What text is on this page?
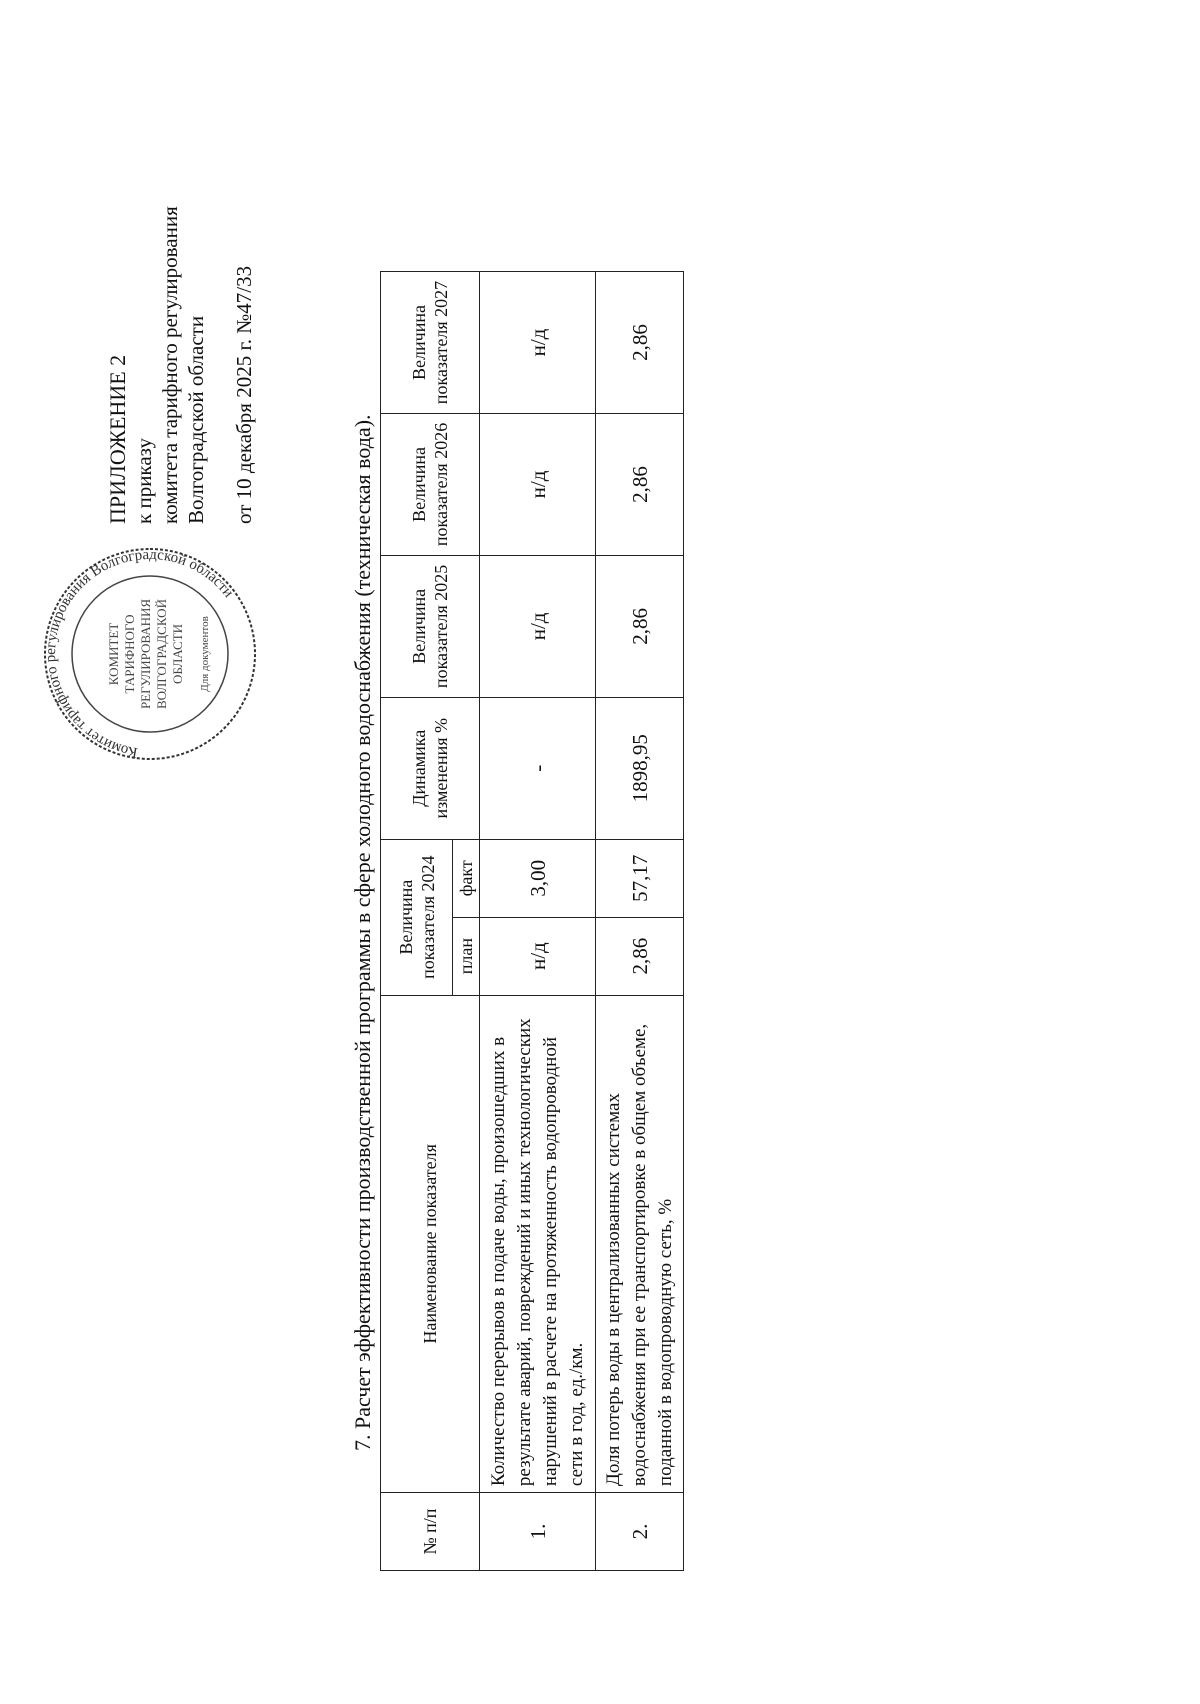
Комитет тарифного регулирования Волгоградской области
КОМИТЕТ ТАРИФНОГО РЕГУЛИРОВАНИЯ ВОЛГОГРАДСКОЙ ОБЛАСТИ Для документов
ПРИЛОЖЕНИЕ 2 к приказу комитета тарифного регулирования Волгоградской области от 10 декабря 2025 г. №47/33
7. Расчет эффективности производственной программы в сфере холодного водоснабжения (техническая вода).
№ п/п	Наименование показателя	Величина показателя 2024		Динамика изменения %	Величина показателя 2025	Величина показателя 2026	Величина показателя 2027
		план	факт				
1.	Количество перерывов в подаче воды, произошедших в результате аварий, повреждений и иных технологических нарушений в расчете на протяженность водопроводной сети в год, ед./км.	н/д	3,00	-	н/д	н/д	н/д
2.	Доля потерь воды в централизованных системах водоснабжения при ее транспортировке в общем объеме, поданной в водопроводную сеть, %	2,86	57,17	1898,95	2,86	2,86	2,86
